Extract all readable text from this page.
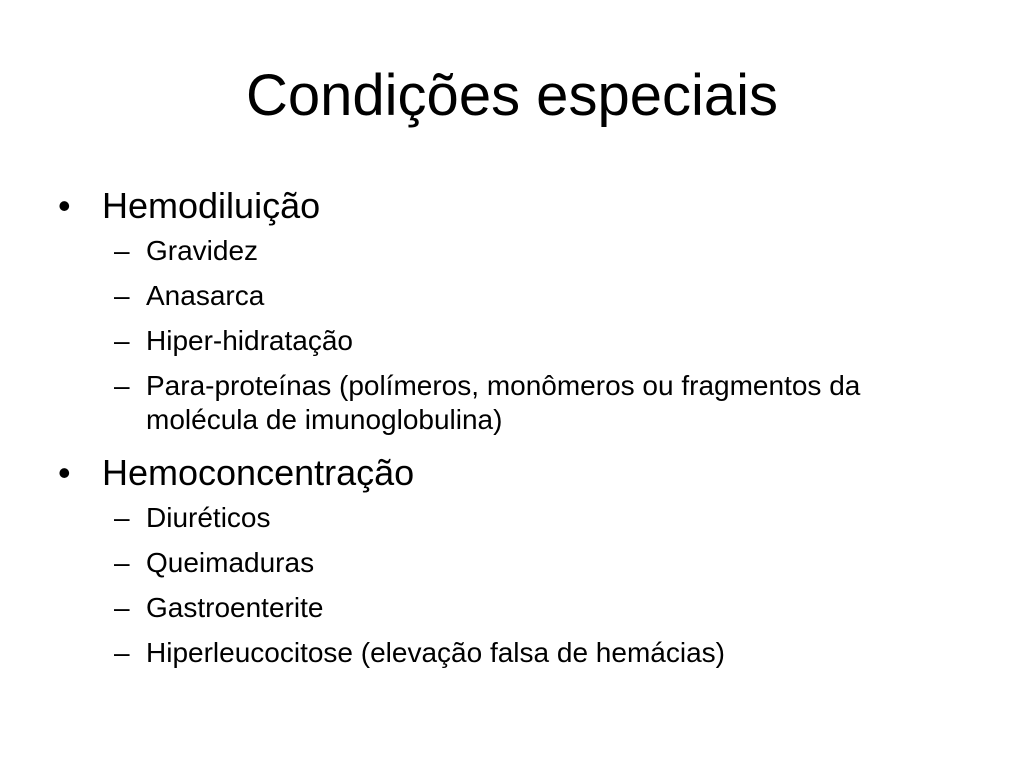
Condições especiais
• Hemodiluição
– Gravidez
– Anasarca
– Hiper-hidratação
– Para-proteínas (polímeros, monômeros ou fragmentos da molécula de imunoglobulina)
• Hemoconcentração
– Diuréticos
– Queimaduras
– Gastroenterite
– Hiperleucocitose (elevação falsa de hemácias)
